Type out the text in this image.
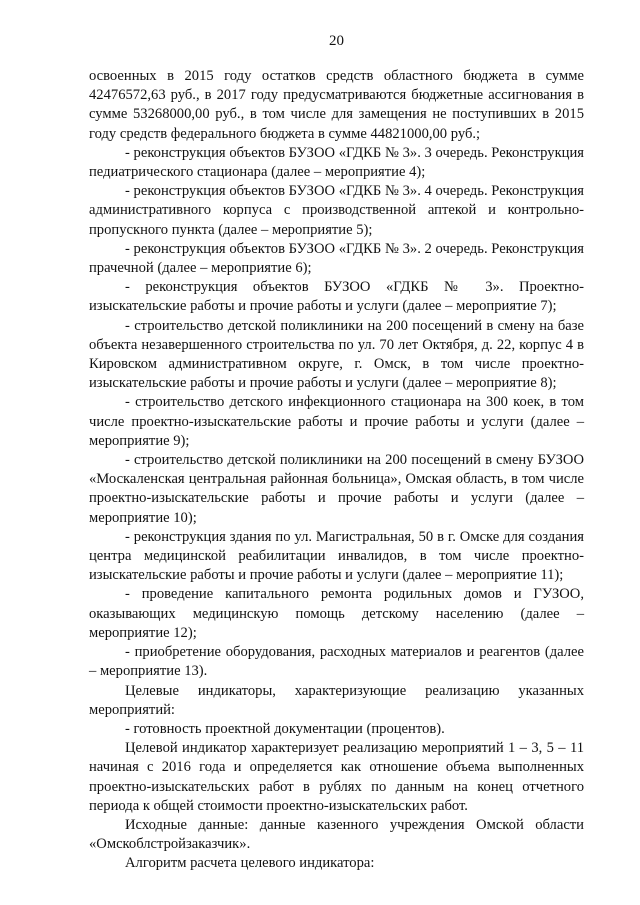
20

освоенных в 2015 году остатков средств областного бюджета в сумме 42476572,63 руб., в 2017 году предусматриваются бюджетные ассигнования в сумме 53268000,00 руб., в том числе для замещения не поступивших в 2015 году средств федерального бюджета в сумме 44821000,00 руб.;

- реконструкция объектов БУЗОО «ГДКБ № 3». 3 очередь. Реконструкция педиатрического стационара (далее – мероприятие 4);

- реконструкция объектов БУЗОО «ГДКБ № 3». 4 очередь. Реконструкция административного корпуса с производственной аптекой и контрольно-пропускного пункта (далее – мероприятие 5);

- реконструкция объектов БУЗОО «ГДКБ № 3». 2 очередь. Реконструкция прачечной (далее – мероприятие 6);

- реконструкция объектов БУЗОО «ГДКБ № 3». Проектно-изыскательские работы и прочие работы и услуги (далее – мероприятие 7);

- строительство детской поликлиники на 200 посещений в смену на базе объекта незавершенного строительства по ул. 70 лет Октября, д. 22, корпус 4 в Кировском административном округе, г. Омск, в том числе проектно-изыскательские работы и прочие работы и услуги (далее – мероприятие 8);

- строительство детского инфекционного стационара на 300 коек, в том числе проектно-изыскательские работы и прочие работы и услуги (далее – мероприятие 9);

- строительство детской поликлиники на 200 посещений в смену БУЗОО «Москаленская центральная районная больница», Омская область, в том числе проектно-изыскательские работы и прочие работы и услуги (далее – мероприятие 10);

- реконструкция здания по ул. Магистральная, 50 в г. Омске для создания центра медицинской реабилитации инвалидов, в том числе проектно-изыскательские работы и прочие работы и услуги (далее – мероприятие 11);

- проведение капитального ремонта родильных домов и ГУЗОО, оказывающих медицинскую помощь детскому населению (далее – мероприятие 12);

- приобретение оборудования, расходных материалов и реагентов (далее – мероприятие 13).

Целевые индикаторы, характеризующие реализацию указанных мероприятий:

- готовность проектной документации (процентов).

Целевой индикатор характеризует реализацию мероприятий 1 – 3, 5 – 11 начиная с 2016 года и определяется как отношение объема выполненных проектно-изыскательских работ в рублях по данным на конец отчетного периода к общей стоимости проектно-изыскательских работ.

Исходные данные: данные казенного учреждения Омской области «Омскоблстройзаказчик».

Алгоритм расчета целевого индикатора:
